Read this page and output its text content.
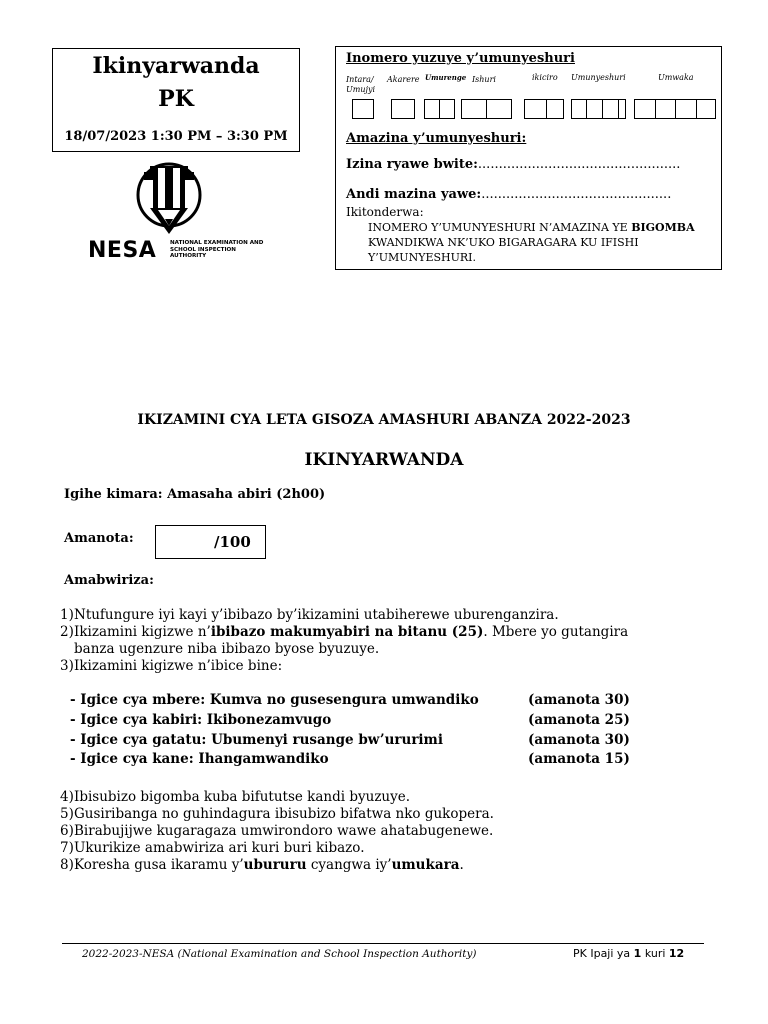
Ikinyarwanda
PK
18/07/2023 1:30 PM – 3:30 PM
NESA NATIONAL EXAMINATION AND SCHOOL INSPECTION AUTHORITY
Inomero yuzuye y’umunyeshuri
Intara/ Umujyi
Akarere Umurenge Ishuri	ikiciro Umunyeshuri	Umwaka
Amazina y’umunyeshuri:
Izina ryawe bwite:.................................................
Andi mazina yawe:..............................................
Ikitonderwa:
INOMERO Y’UMUNYESHURI N’AMAZINA YE BIGOMBA KWANDIKWA NK’UKO BIGARAGARA KU IFISHI Y’UMUNYESHURI.
IKIZAMINI CYA LETA GISOZA AMASHURI ABANZA 2022-2023
IKINYARWANDA
Igihe kimara: Amasaha abiri (2h00)
Amanota:	/100
Amabwiriza:
1)Ntufungure iyi kayi y’ibibazo by’ikizamini utabiherewe uburenganzira.
2)Ikizamini kigizwe n’ibibazo makumyabiri na bitanu (25). Mbere yo gutangira
banza ugenzure niba ibibazo byose byuzuye.
3)Ikizamini kigizwe n’ibice bine:
- Igice cya mbere: Kumva no gusesengura umwandiko	(amanota 30)
- Igice cya kabiri: Ikibonezamvugo	(amanota 25)
- Igice cya gatatu: Ubumenyi rusange bw’ururimi	(amanota 30)
- Igice cya kane: Ihangamwandiko	(amanota 15)
4)Ibisubizo bigomba kuba bifututse kandi byuzuye.
5)Gusiribanga no guhindagura ibisubizo bifatwa nko gukopera.
6)Birabujijwe kugaragaza umwirondoro wawe ahatabugenewe.
7)Ukurikize amabwiriza ari kuri buri kibazo.
8)Koresha gusa ikaramu y’ubururu cyangwa iy’umukara.
2022-2023-NESA (National Examination and School Inspection Authority)	PK Ipaji ya 1 kuri 12
